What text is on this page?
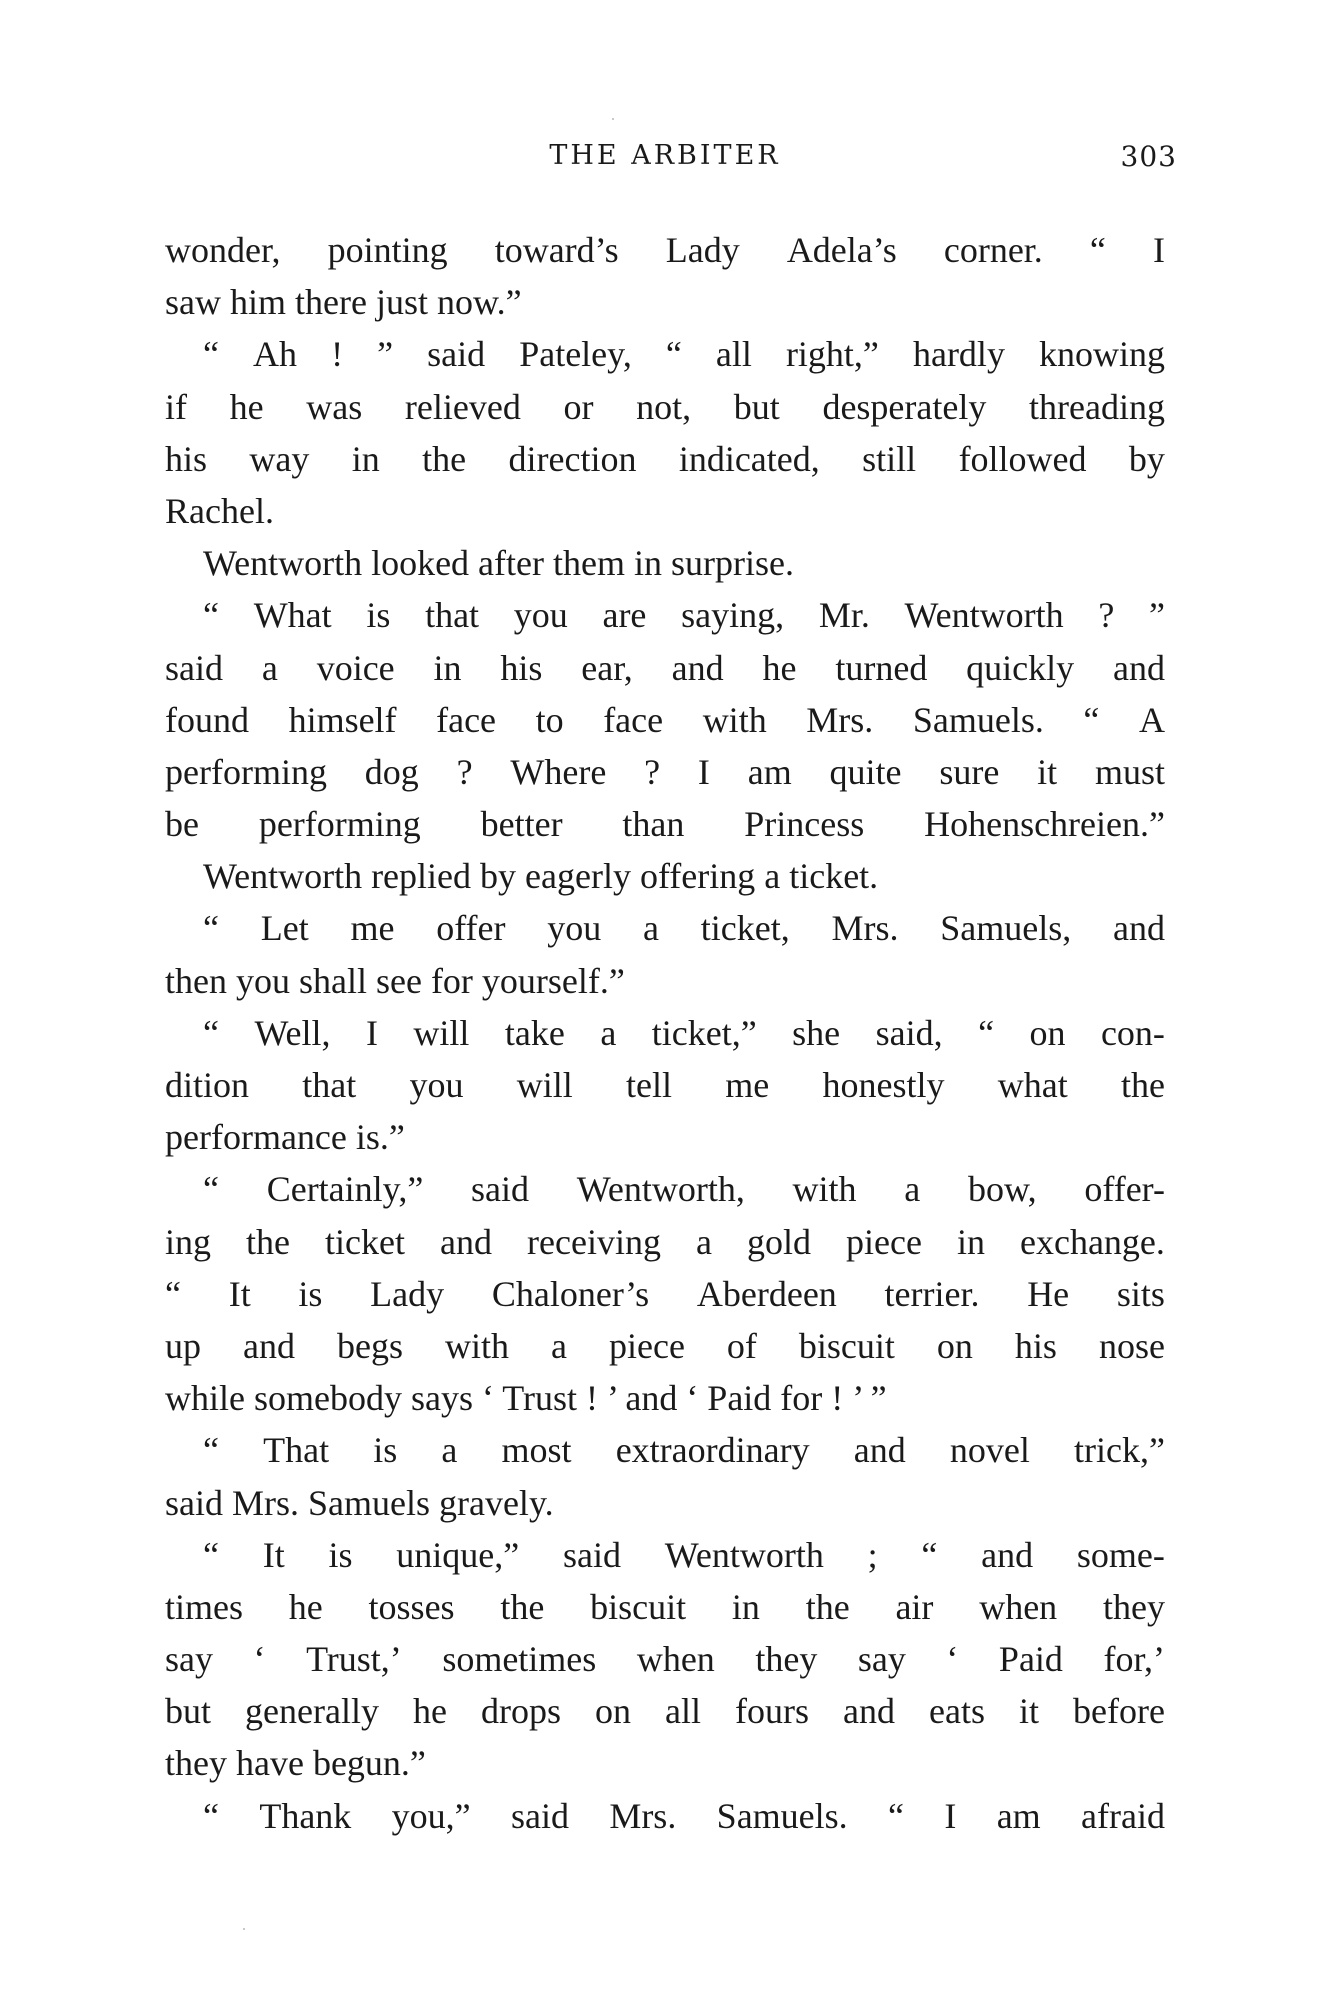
THE ARBITER	303
wonder, pointing toward’s Lady Adela’s corner. “ I
saw him there just now.”
“ Ah ! ” said Pateley, “ all right,” hardly knowing
if he was relieved or not, but desperately threading
his way in the direction indicated, still followed by
Rachel.
Wentworth looked after them in surprise.
“ What is that you are saying, Mr. Wentworth ? ”
said a voice in his ear, and he turned quickly and
found himself face to face with Mrs. Samuels. “ A
performing dog ? Where ? I am quite sure it must
be performing better than Princess Hohenschreien.”
Wentworth replied by eagerly offering a ticket.
“ Let me offer you a ticket, Mrs. Samuels, and
then you shall see for yourself.”
“ Well, I will take a ticket,” she said, “ on con-
dition that you will tell me honestly what the
performance is.”
“ Certainly,” said Wentworth, with a bow, offer-
ing the ticket and receiving a gold piece in exchange.
“ It is Lady Chaloner’s Aberdeen terrier. He sits
up and begs with a piece of biscuit on his nose
while somebody says ‘ Trust ! ’ and ‘ Paid for ! ’ ”
“ That is a most extraordinary and novel trick,”
said Mrs. Samuels gravely.
“ It is unique,” said Wentworth ; “ and some-
times he tosses the biscuit in the air when they
say ‘ Trust,’ sometimes when they say ‘ Paid for,’
but generally he drops on all fours and eats it before
they have begun.”
“ Thank you,” said Mrs. Samuels. “ I am afraid
